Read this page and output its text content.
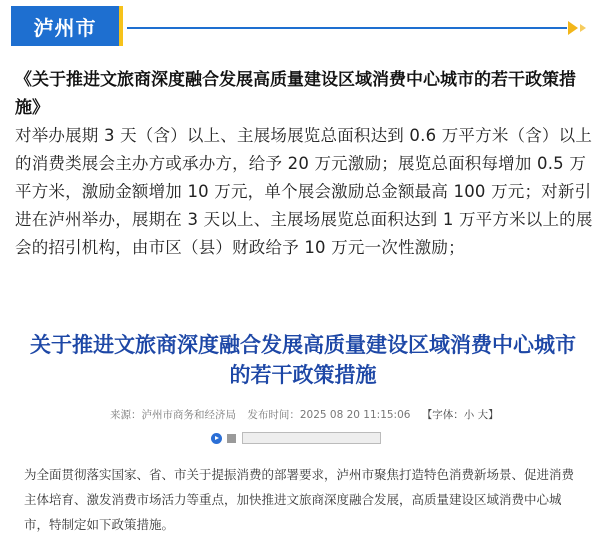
泸州市

《关于推进文旅商深度融合发展高质量建设区域消费中心城市的若干政策措施》

对举办展期 3 天（含）以上、主展场展览总面积达到 0.6 万平方米（含）以上的消费类展会主办方或承办方，给予 20 万元激励；展览总面积每增加 0.5 万平方米，激励金额增加 10 万元，单个展会激励总金额最高 100 万元；对新引进在泸州举办，展期在 3 天以上、主展场展览总面积达到 1 万平方米以上的展会的招引机构，由市区（县）财政给予 10 万元一次性激励；

关于推进文旅商深度融合发展高质量建设区域消费中心城市的若干政策措施
来源：泸州市商务和经济局 发布时间：2025 08 20 11:15:06 【字体：小 大】
为全面贯彻落实国家、省、市关于提振消费的部署要求，泸州市聚焦打造特色消费新场景、促进消费主体培育、激发消费市场活力等重点，加快推进文旅商深度融合发展，高质量建设区域消费中心城市，特制定如下政策措施。
